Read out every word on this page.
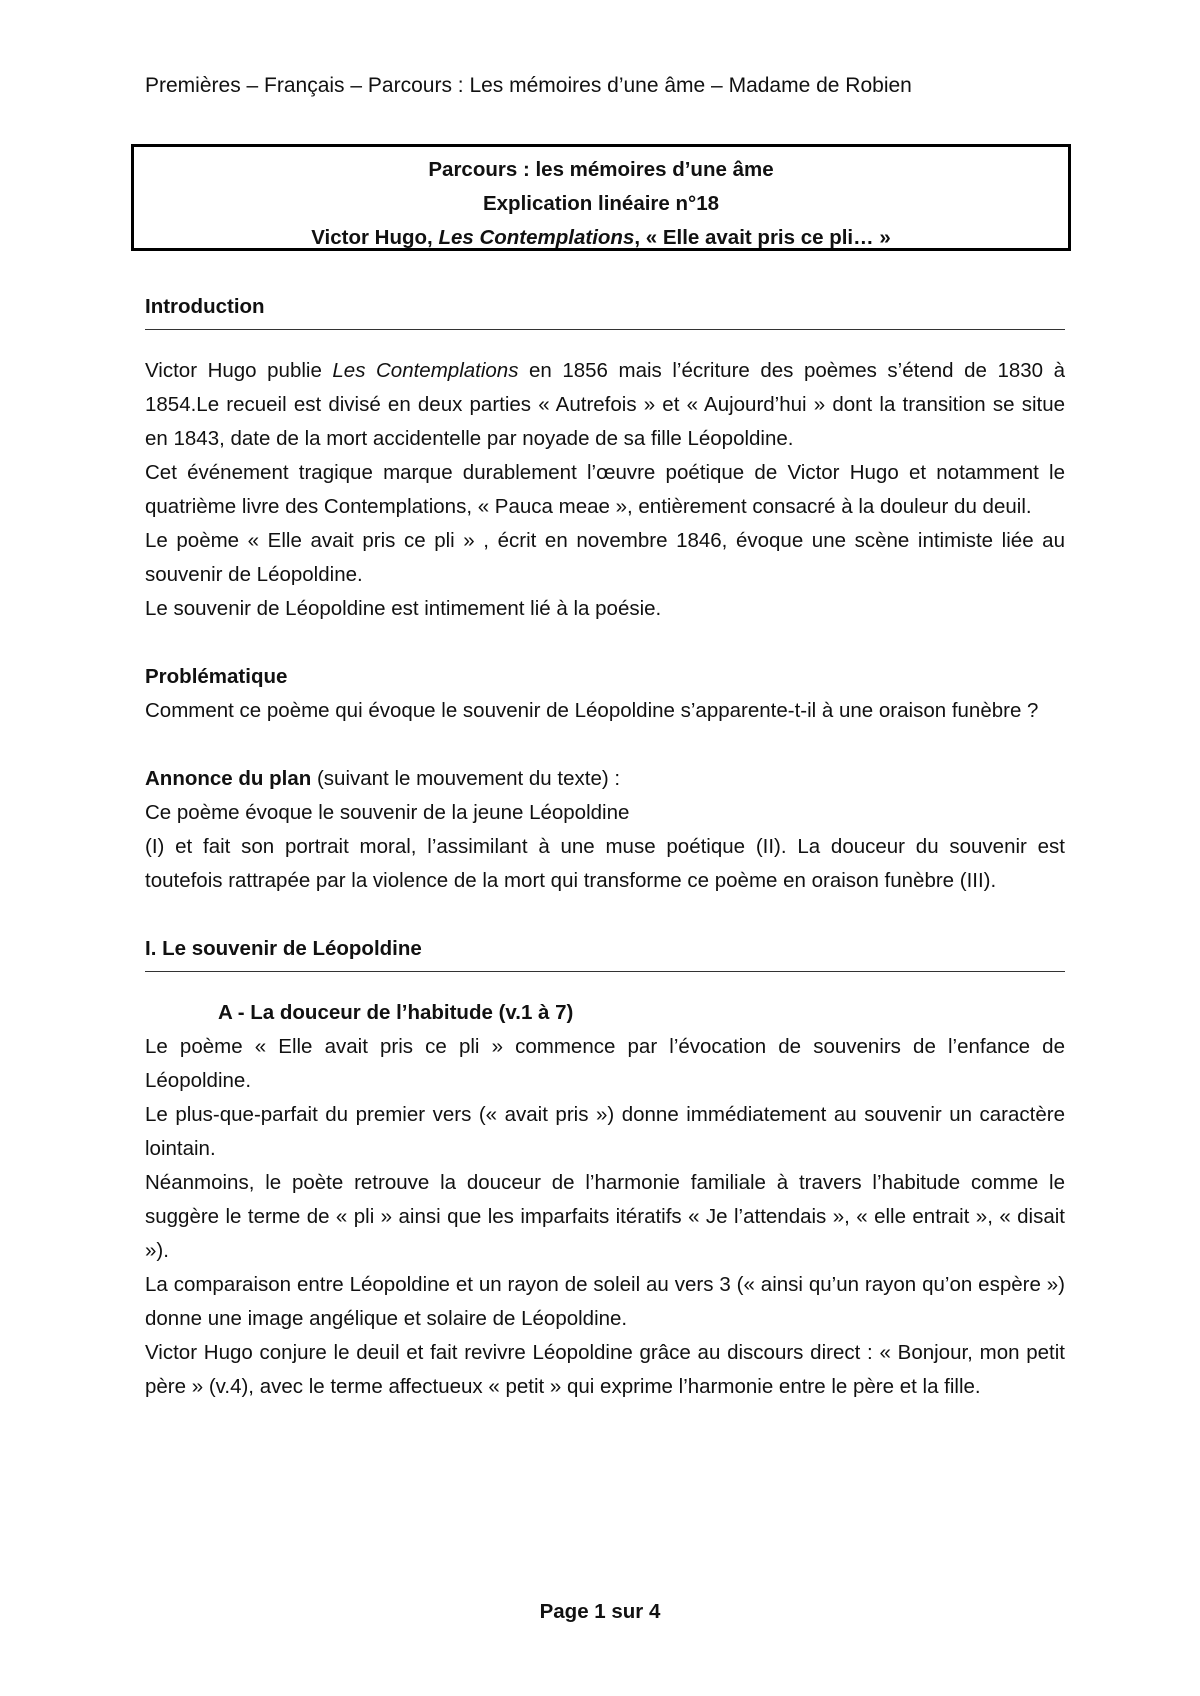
Premières – Français – Parcours : Les mémoires d’une âme – Madame de Robien
Parcours : les mémoires d’une âme
Explication linéaire n°18
Victor Hugo, Les Contemplations, « Elle avait pris ce pli… »
Introduction

Victor Hugo publie Les Contemplations en 1856 mais l’écriture des poèmes s’étend de 1830 à 1854.Le recueil est divisé en deux parties « Autrefois » et « Aujourd’hui » dont la transition se situe en 1843, date de la mort accidentelle par noyade de sa fille Léopoldine.

Cet événement tragique marque durablement l’œuvre poétique de Victor Hugo et notamment le quatrième livre des Contemplations, « Pauca meae », entièrement consacré à la douleur du deuil.

Le poème « Elle avait pris ce pli » , écrit en novembre 1846, évoque une scène intimiste liée au souvenir de Léopoldine.

Le souvenir de Léopoldine est intimement lié à la poésie.

Problématique

Comment ce poème qui évoque le souvenir de Léopoldine s’apparente-t-il à une oraison funèbre ?

Annonce du plan (suivant le mouvement du texte) :

Ce poème évoque le souvenir de la jeune Léopoldine

(I) et fait son portrait moral, l’assimilant à une muse poétique (II). La douceur du souvenir est toutefois rattrapée par la violence de la mort qui transforme ce poème en oraison funèbre (III).

I. Le souvenir de Léopoldine
A - La douceur de l’habitude (v.1 à 7)

Le poème « Elle avait pris ce pli » commence par l’évocation de souvenirs de l’enfance de Léopoldine.

Le plus-que-parfait du premier vers (« avait pris ») donne immédiatement au souvenir un caractère lointain.

Néanmoins, le poète retrouve la douceur de l’harmonie familiale à travers l’habitude comme le suggère le terme de « pli » ainsi que les imparfaits itératifs « Je l’attendais », « elle entrait », « disait »).

La comparaison entre Léopoldine et un rayon de soleil au vers 3 (« ainsi qu’un rayon qu’on espère ») donne une image angélique et solaire de Léopoldine.

Victor Hugo conjure le deuil et fait revivre Léopoldine grâce au discours direct : « Bonjour, mon petit père » (v.4), avec le terme affectueux « petit » qui exprime l’harmonie entre le père et la fille.

Page 1 sur 4
